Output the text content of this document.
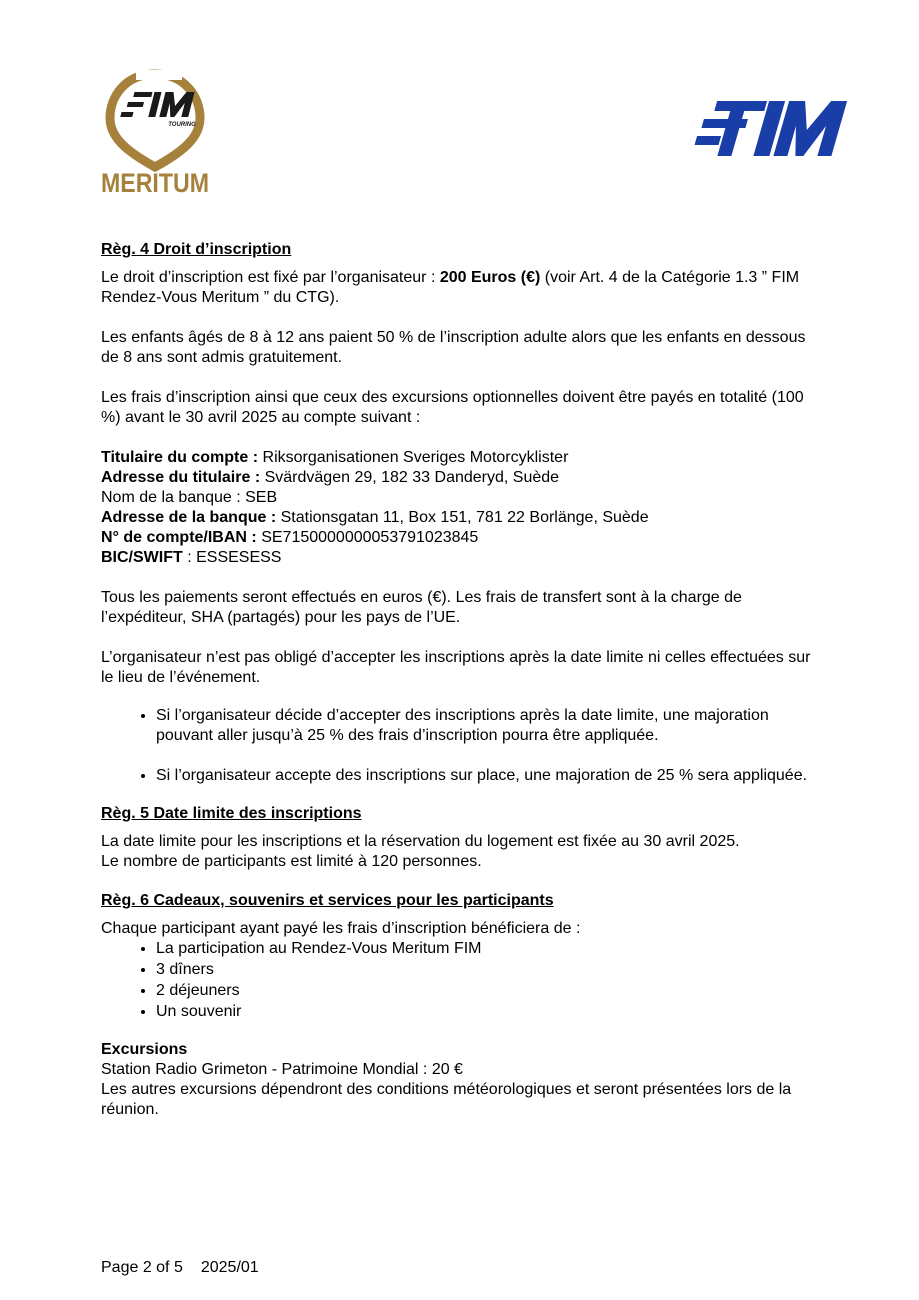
TOURING
MERITUM
Règ. 4 Droit d’inscription

Le droit d’inscription est fixé par l’organisateur : 200 Euros (€) (voir Art. 4 de la Catégorie 1.3 ” FIM Rendez-Vous Meritum ” du CTG).

Les enfants âgés de 8 à 12 ans paient 50 % de l’inscription adulte alors que les enfants en dessous de 8 ans sont admis gratuitement.

Les frais d’inscription ainsi que ceux des excursions optionnelles doivent être payés en totalité (100 %) avant le 30 avril 2025 au compte suivant :

Titulaire du compte : Riksorganisationen Sveriges Motorcyklister

Adresse du titulaire : Svärdvägen 29, 182 33 Danderyd, Suède

Nom de la banque : SEB

Adresse de la banque : Stationsgatan 11, Box 151, 781 22 Borlänge, Suède

N° de compte/IBAN : SE7150000000053791023845

BIC/SWIFT : ESSESESS

Tous les paiements seront effectués en euros (€). Les frais de transfert sont à la charge de l’expéditeur, SHA (partagés) pour les pays de l’UE.

L’organisateur n’est pas obligé d’accepter les inscriptions après la date limite ni celles effectuées sur le lieu de l’événement.

• Si l’organisateur décide d’accepter des inscriptions après la date limite, une majoration pouvant aller jusqu’à 25 % des frais d’inscription pourra être appliquée.
• Si l’organisateur accepte des inscriptions sur place, une majoration de 25 % sera appliquée.
Règ. 5 Date limite des inscriptions

La date limite pour les inscriptions et la réservation du logement est fixée au 30 avril 2025.

Le nombre de participants est limité à 120 personnes.

Règ. 6 Cadeaux, souvenirs et services pour les participants

Chaque participant ayant payé les frais d’inscription bénéficiera de :

• La participation au Rendez-Vous Meritum FIM
• 3 dîners
• 2 déjeuners
• Un souvenir

Excursions

Station Radio Grimeton - Patrimoine Mondial : 20 €

Les autres excursions dépendront des conditions météorologiques et seront présentées lors de la réunion.

Page 2 of 5 2025/01
